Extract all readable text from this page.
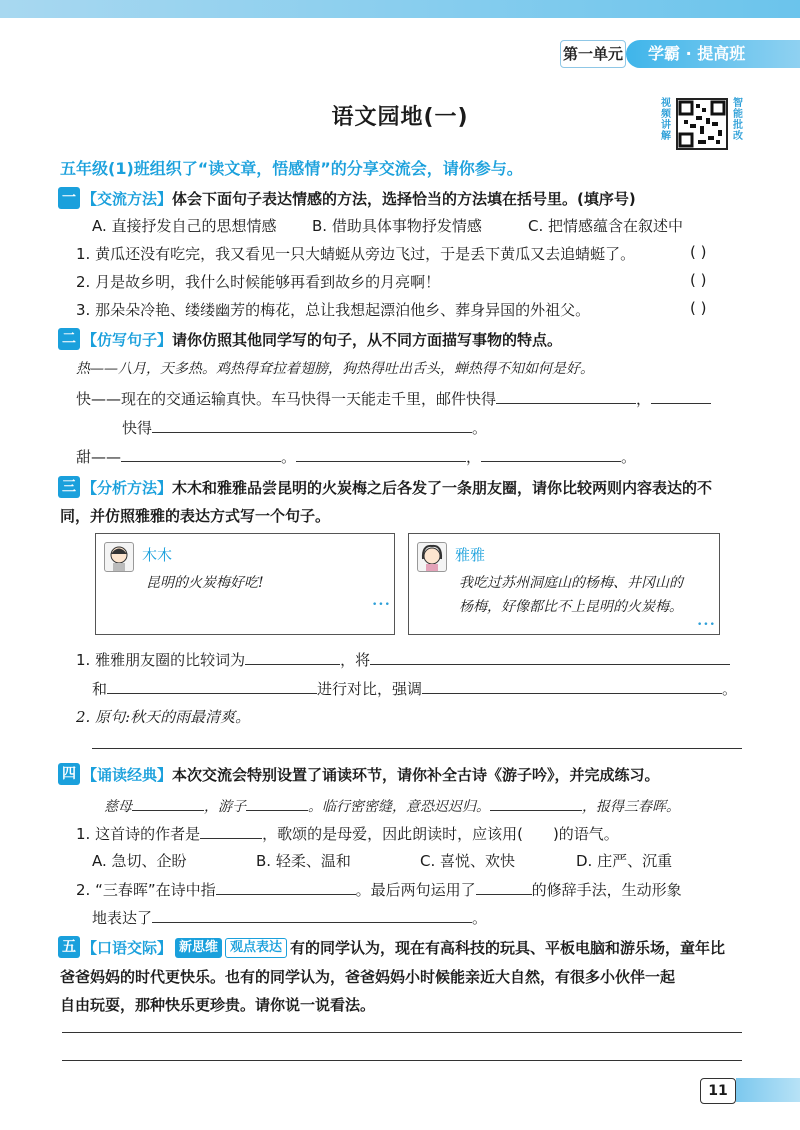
第一单元	学霸 · 提高班
语文园地(一)
视频讲解
智能批改
五年级(1)班组织了“读文章，悟感情”的分享交流会，请你参与。
一 【交流方法】体会下面句子表达情感的方法，选择恰当的方法填在括号里。(填序号)
A. 直接抒发自己的思想情感 B. 借助具体事物抒发情感	C. 把情感蕴含在叙述中
1. 黄瓜还没有吃完，我又看见一只大蜻蜓从旁边飞过，于是丢下黄瓜又去追蜻蜓了。	( )
2. 月是故乡明，我什么时候能够再看到故乡的月亮啊！	( )
3. 那朵朵冷艳、缕缕幽芳的梅花，总让我想起漂泊他乡、葬身异国的外祖父。	( )
二 【仿写句子】请你仿照其他同学写的句子，从不同方面描写事物的特点。
热——八月，天多热。鸡热得耷拉着翅膀，狗热得吐出舌头，蝉热得不知如何是好。
快——现在的交通运输真快。车马快得一天能走千里，邮件快得	，
快得	。
甜——	。	，	。
三 【分析方法】木木和雅雅品尝昆明的火炭梅之后各发了一条朋友圈，请你比较两则内容表达的不
同，并仿照雅雅的表达方式写一个句子。
木木
昆明的火炭梅好吃!
•••
雅雅
我吃过苏州洞庭山的杨梅、井冈山的
杨梅，好像都比不上昆明的火炭梅。
•••
1. 雅雅朋友圈的比较词为	，将
和	进行对比，强调	。
2. 原句:秋天的雨最清爽。
四 【诵读经典】本次交流会特别设置了诵读环节，请你补全古诗《游子吟》，并完成练习。
慈母	，游子	。临行密密缝，意恐迟迟归。	，报得三春晖。
1. 这首诗的作者是	，歌颂的是母爱，因此朗读时，应该用( )的语气。
A. 急切、企盼	B. 轻柔、温和	C. 喜悦、欢快	D. 庄严、沉重
2. “三春晖”在诗中指	。最后两句运用了	的修辞手法，生动形象
地表达了	。
五 【口语交际】 新思维 观点表达 有的同学认为，现在有高科技的玩具、平板电脑和游乐场，童年比
爸爸妈妈的时代更快乐。也有的同学认为，爸爸妈妈小时候能亲近大自然，有很多小伙伴一起
自由玩耍，那种快乐更珍贵。请你说一说看法。
11
